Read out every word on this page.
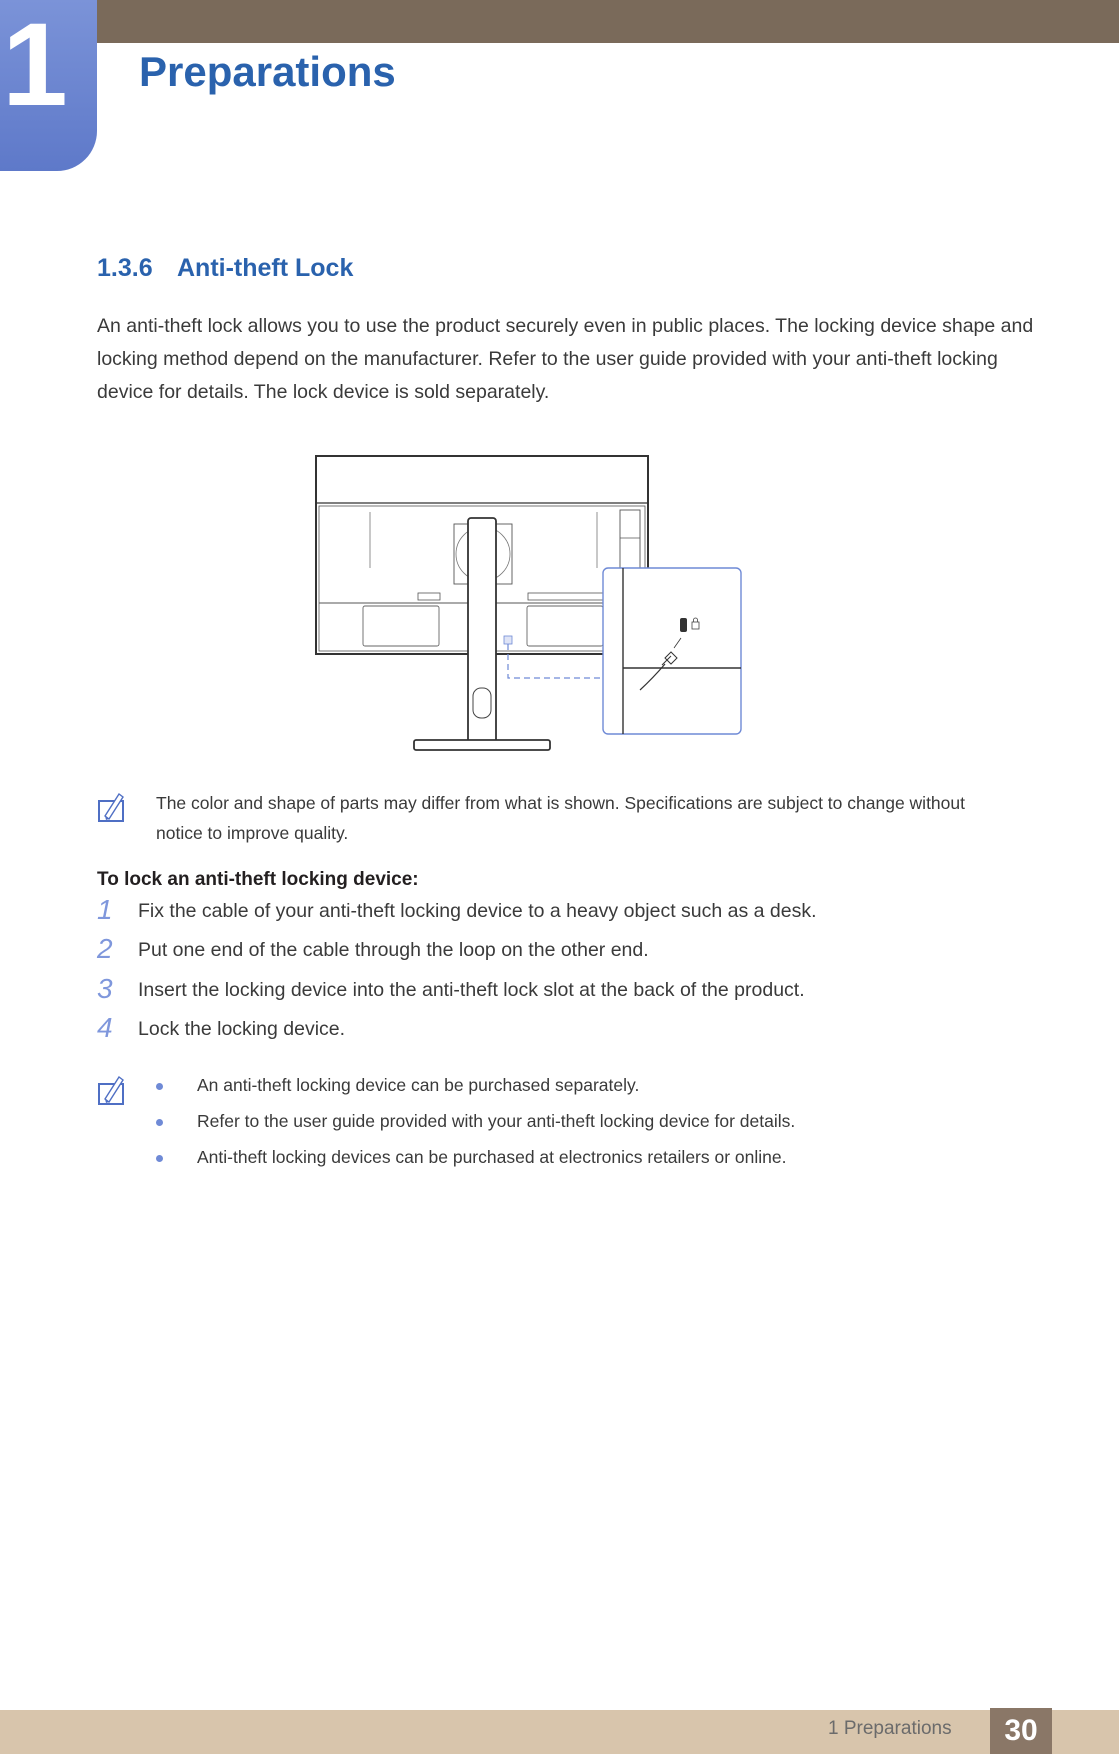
1 Preparations
1.3.6 Anti-theft Lock

An anti-theft lock allows you to use the product securely even in public places. The locking device shape and locking method depend on the manufacturer. Refer to the user guide provided with your anti-theft locking device for details. The lock device is sold separately.

The color and shape of parts may differ from what is shown. Specifications are subject to change without notice to improve quality.

To lock an anti-theft locking device:
1 Fix the cable of your anti-theft locking device to a heavy object such as a desk.
2 Put one end of the cable through the loop on the other end.
3 Insert the locking device into the anti-theft lock slot at the back of the product.
4 Lock the locking device.
An anti-theft locking device can be purchased separately.
Refer to the user guide provided with your anti-theft locking device for details.
Anti-theft locking devices can be purchased at electronics retailers or online.
1 Preparations	30
